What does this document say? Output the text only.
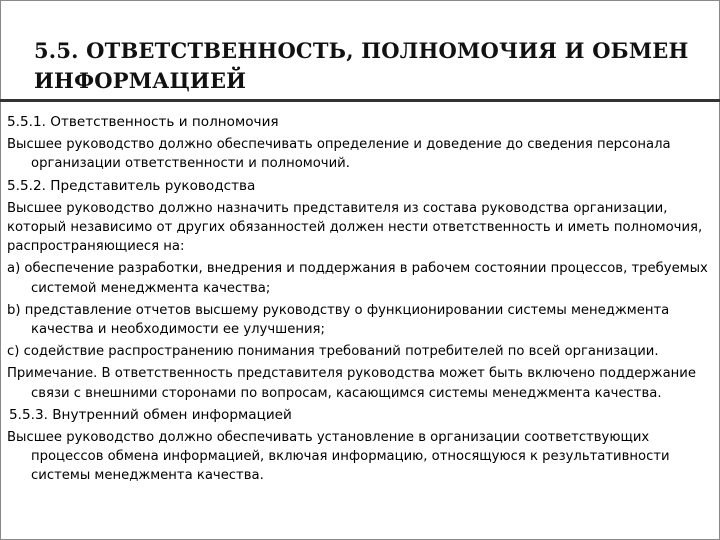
5.5. ОТВЕТСТВЕННОСТЬ, ПОЛНОМОЧИЯ И ОБМЕН ИНФОРМАЦИЕЙ
5.5.1. Ответственность и полномочия
Высшее руководство должно обеспечивать определение и доведение до сведения персонала организации ответственности и полномочий.
5.5.2. Представитель руководства
Высшее руководство должно назначить представителя из состава руководства организации, который независимо от других обязанностей должен нести ответственность и иметь полномочия, распространяющиеся на:
а) обеспечение разработки, внедрения и поддержания в рабочем состоянии процессов, требуемых системой менеджмента качества;
b) представление отчетов высшему руководству о функционировании системы менеджмента качества и необходимости ее улучшения;
с) содействие распространению понимания требований потребителей по всей организации.
Примечание. В ответственность представителя руководства может быть включено поддержание связи с внешними сторонами по вопросам, касающимся системы менеджмента качества.
5.5.3. Внутренний обмен информацией
Высшее руководство должно обеспечивать установление в организации соответствующих процессов обмена информацией, включая информацию, относящуюся к результативности системы менеджмента качества.
